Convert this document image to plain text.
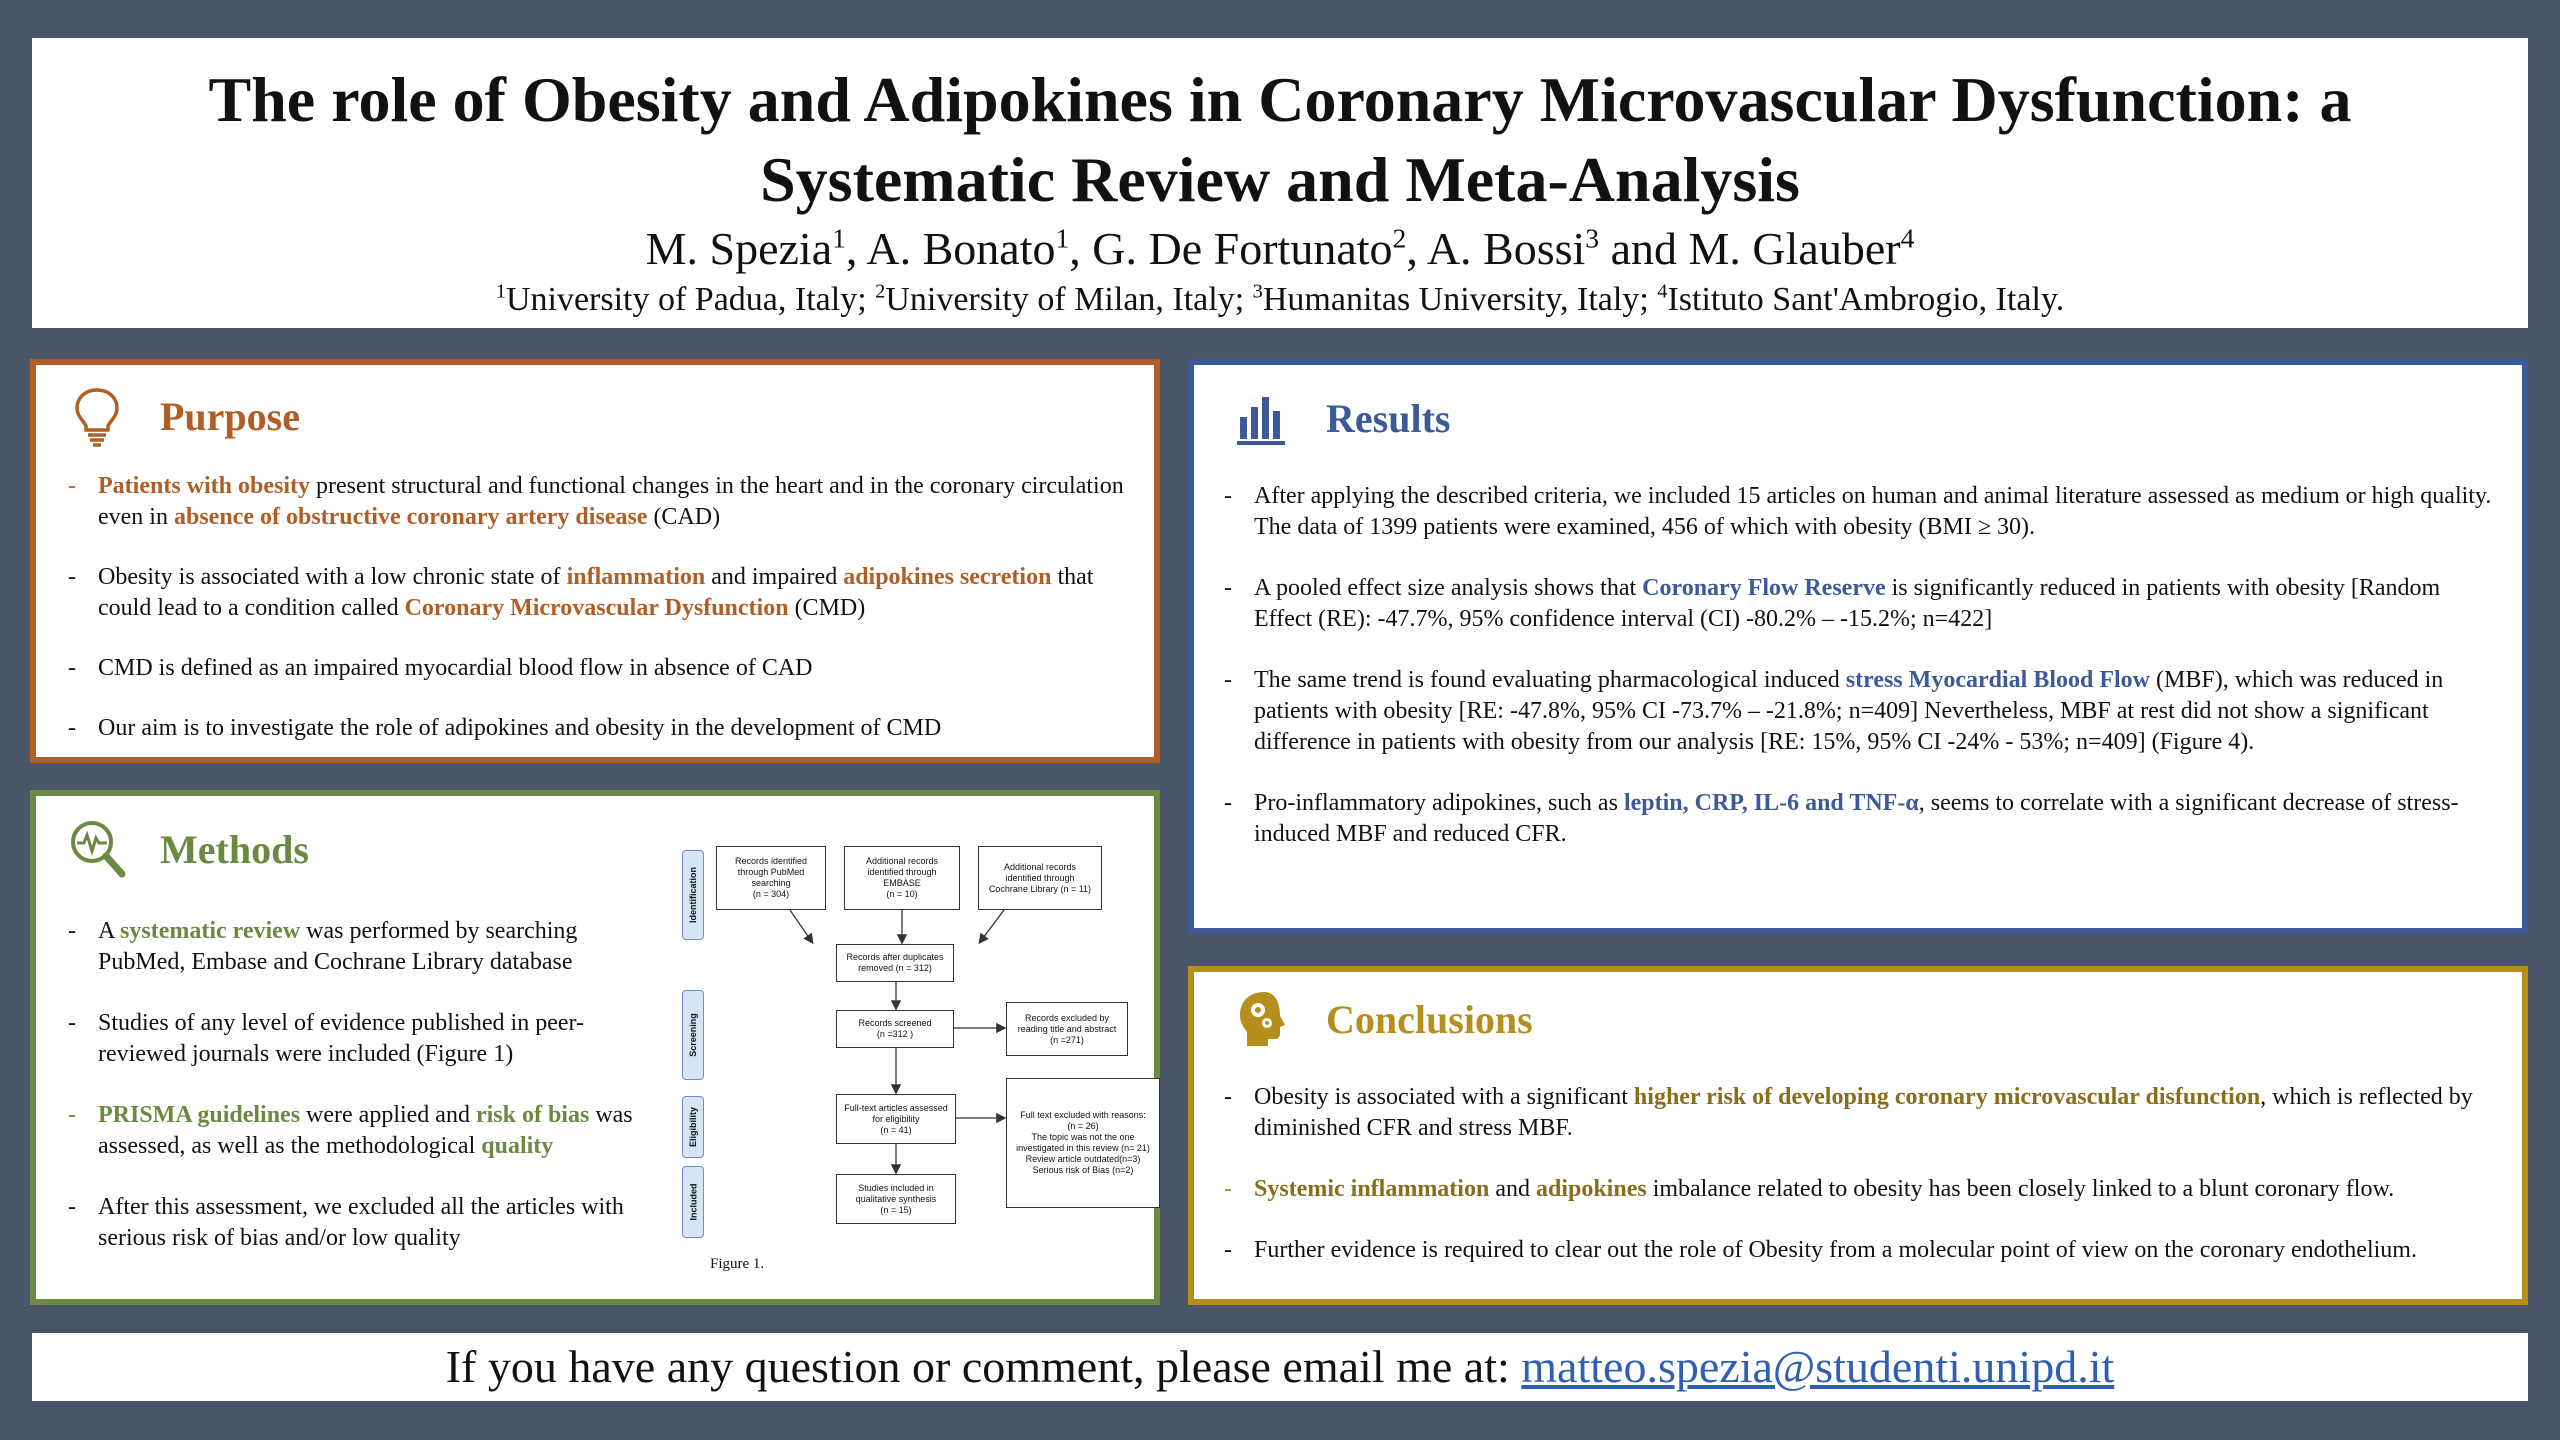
The role of Obesity and Adipokines in Coronary Microvascular Dysfunction: a Systematic Review and Meta-Analysis
M. Spezia$^1$, A. Bonato$^1$, G. De Fortunato$^2$, A. Bossi$^3$ and M. Glauber$^4$
$^1$University of Padua, Italy; $^2$University of Milan, Italy; $^3$Humanitas University, Italy; $^4$Istituto Sant'Ambrogio, Italy.
Purpose
- Patients with obesity present structural and functional changes in the heart and in the coronary circulation even in absence of obstructive coronary artery disease (CAD)
- Obesity is associated with a low chronic state of inflammation and impaired adipokines secretion that could lead to a condition called Coronary Microvascular Dysfunction (CMD)
- CMD is defined as an impaired myocardial blood flow in absence of CAD
- Our aim is to investigate the role of adipokines and obesity in the development of CMD
Methods
- A systematic review was performed by searching PubMed, Embase and Cochrane Library database
- Studies of any level of evidence published in peer-reviewed journals were included (Figure 1)
- PRISMA guidelines were applied and risk of bias was assessed, as well as the methodological quality
- After this assessment, we excluded all the articles with serious risk of bias and/or low quality
Identification
Screening
Eligibility
Included
Records identified
through PubMed
searching
(n = 304)
Additional records
identified through
EMBASE
(n = 10)
Additional records
identified through
Cochrane Library (n = 11)
Records after duplicates
removed (n = 312)
Records screened
(n =312 )
Records excluded by
reading title and abstract
(n =271)
Full-text articles assessed
for eligibility
(n = 41)
Full text excluded with reasons:
(n = 26)
The topic was not the one
investigated in this review (n= 21)
Review article outdated(n=3)
Serious risk of Bias (n=2)
Studies included in
qualitative synthesis
(n = 15)
Figure 1.
Results
- After applying the described criteria, we included 15 articles on human and animal literature assessed as medium or high quality. The data of 1399 patients were examined, 456 of which with obesity (BMI ≥ 30).
- A pooled effect size analysis shows that Coronary Flow Reserve is significantly reduced in patients with obesity [Random Effect (RE): -47.7%, 95% confidence interval (CI) -80.2% – -15.2%; n=422]
- The same trend is found evaluating pharmacological induced stress Myocardial Blood Flow (MBF), which was reduced in patients with obesity [RE: -47.8%, 95% CI -73.7% – -21.8%; n=409] Nevertheless, MBF at rest did not show a significant difference in patients with obesity from our analysis [RE: 15%, 95% CI -24% - 53%; n=409] (Figure 4).
- Pro-inflammatory adipokines, such as leptin, CRP, IL-6 and TNF-α, seems to correlate with a significant decrease of stress-induced MBF and reduced CFR.
Conclusions
- Obesity is associated with a significant higher risk of developing coronary microvascular disfunction, which is reflected by diminished CFR and stress MBF.
- Systemic inflammation and adipokines imbalance related to obesity has been closely linked to a blunt coronary flow.
- Further evidence is required to clear out the role of Obesity from a molecular point of view on the coronary endothelium.
If you have any question or comment, please email me at: matteo.spezia@studenti.unipd.it
